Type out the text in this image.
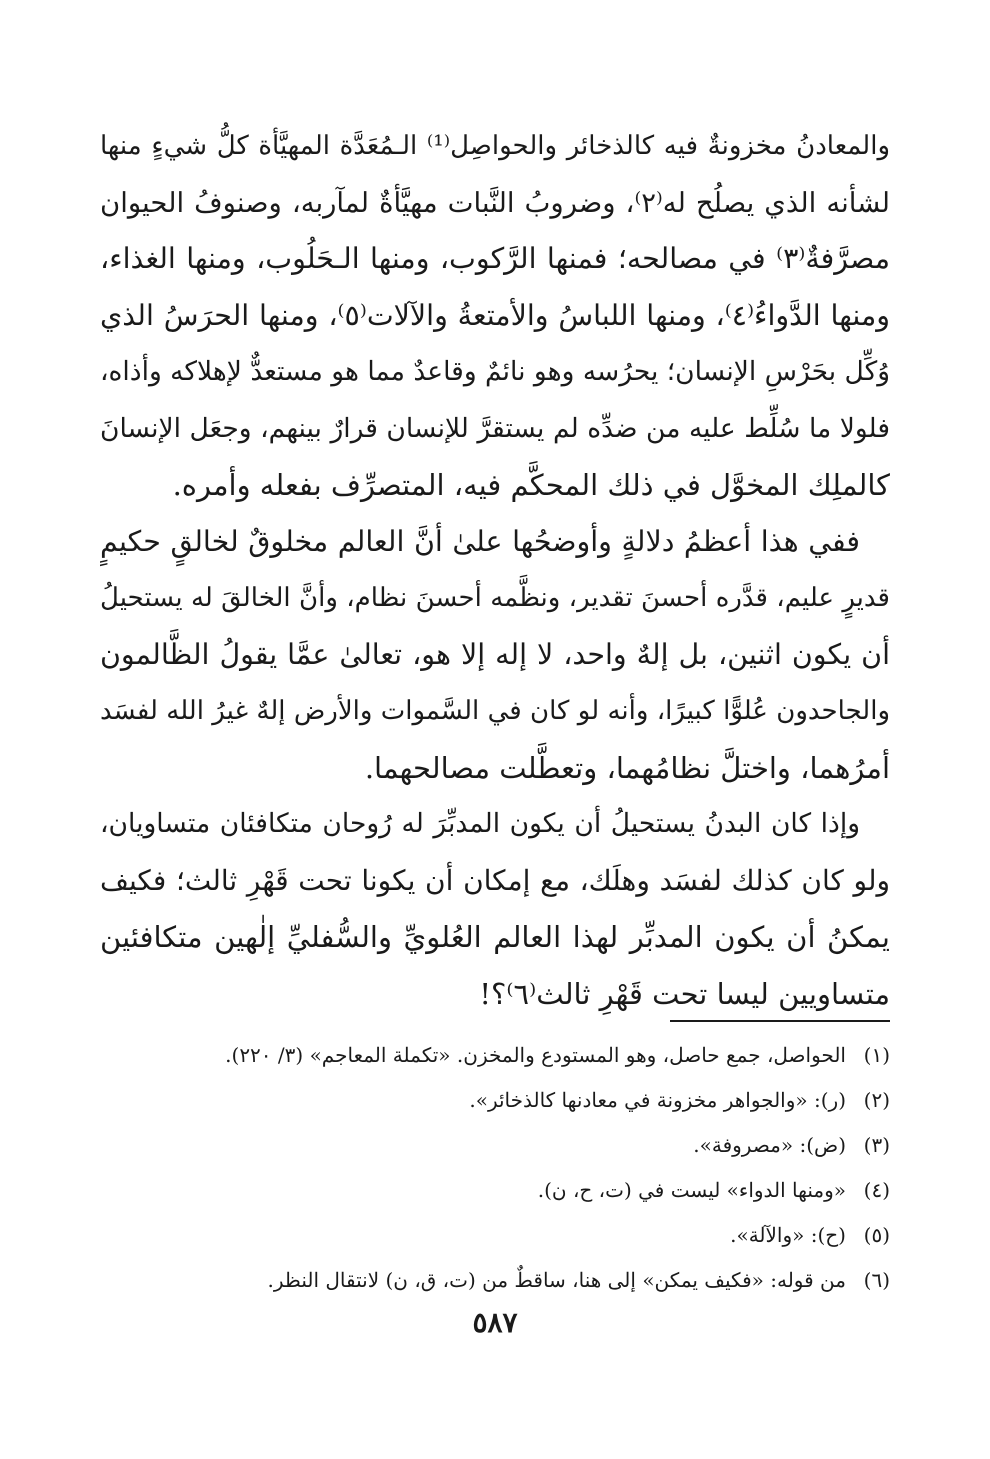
والمعادنُ مخزونةٌ فيه كالذخائر والحواصِل⁽¹⁾ الـمُعَدَّة المهيَّأة كلُّ شيءٍ منها
لشأنه الذي يصلُح له⁽٢⁾، وضروبُ النَّبات مهيَّأةٌ لمآربه، وصنوفُ الحيوان
مصرَّفةٌ⁽٣⁾ في مصالحه؛ فمنها الرَّكوب، ومنها الـحَلُوب، ومنها الغذاء،
ومنها الدَّواءُ⁽٤⁾، ومنها اللباسُ والأمتعةُ والآلات⁽٥⁾، ومنها الحرَسُ الذي
وُكِّل بحَرْسِ الإنسان؛ يحرُسه وهو نائمٌ وقاعدٌ مما هو مستعدٌّ لإهلاكه وأذاه،
فلولا ما سُلِّط عليه من ضدِّه لم يستقرَّ للإنسان قرارٌ بينهم، وجعَل الإنسانَ
كالملِك المخوَّل في ذلك المحكَّم فيه، المتصرِّف بفعله وأمره.

ففي هذا أعظمُ دلالةٍ وأوضحُها علىٰ أنَّ العالم مخلوقٌ لخالقٍ حكيمٍ
قديرٍ عليم، قدَّره أحسنَ تقدير، ونظَّمه أحسنَ نظام، وأنَّ الخالقَ له يستحيلُ
أن يكون اثنين، بل إلهٌ واحد، لا إله إلا هو، تعالىٰ عمَّا يقولُ الظَّالمون
والجاحدون عُلوًّا كبيرًا، وأنه لو كان في السَّموات والأرض إلهٌ غيرُ الله لفسَد
أمرُهما، واختلَّ نظامُهما، وتعطَّلت مصالحهما.

وإذا كان البدنُ يستحيلُ أن يكون المدبِّرَ له رُوحان متكافئان متساويان،
ولو كان كذلك لفسَد وهلَك، مع إمكان أن يكونا تحت قَهْرِ ثالث؛ فكيف
يمكنُ أن يكون المدبِّر لهذا العالم العُلويِّ والسُّفليِّ إلٰهين متكافئين
متساويين ليسا تحت قَهْرِ ثالث⁽٦⁾؟!

(١)الحواصل، جمع حاصل، وهو المستودع والمخزن. «تكملة المعاجم» (٣/ ٢٢٠).
(٢)(ر): «والجواهر مخزونة في معادنها كالذخائر».
(٣)(ض): «مصروفة».
(٤)«ومنها الدواء» ليست في (ت، ح، ن).
(٥)(ح): «والآلة».
(٦)من قوله: «فكيف يمكن» إلى هنا، ساقطٌ من (ت، ق، ن) لانتقال النظر.
٥٨٧
